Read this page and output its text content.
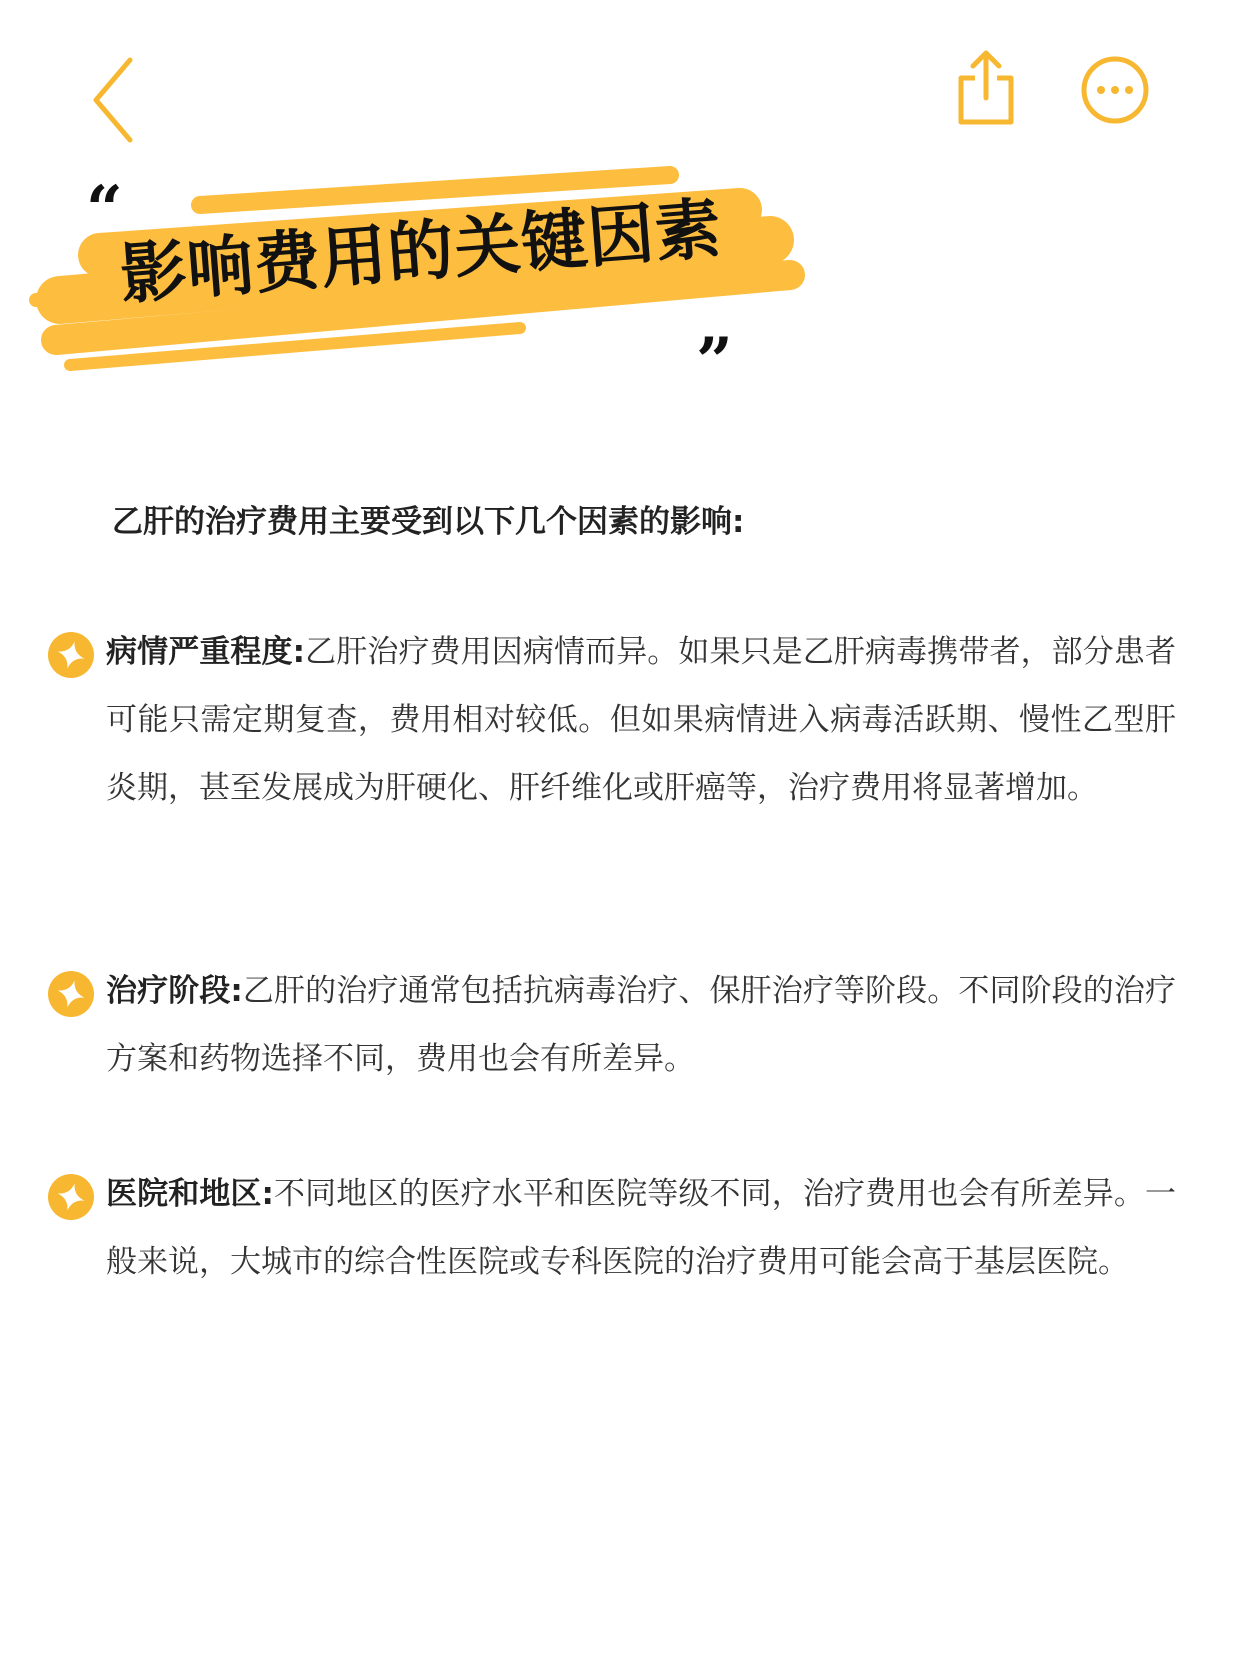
“
影响费用的关键因素
”
乙肝的治疗费用主要受到以下几个因素的影响:
病情严重程度:乙肝治疗费用因病情而异。如果只是乙肝病毒携带者，部分患者可能只需定期复查，费用相对较低。但如果病情进入病毒活跃期、慢性乙型肝炎期，甚至发展成为肝硬化、肝纤维化或肝癌等，治疗费用将显著增加。
治疗阶段:乙肝的治疗通常包括抗病毒治疗、保肝治疗等阶段。不同阶段的治疗方案和药物选择不同，费用也会有所差异。
医院和地区:不同地区的医疗水平和医院等级不同，治疗费用也会有所差异。一般来说，大城市的综合性医院或专科医院的治疗费用可能会高于基层医院。
